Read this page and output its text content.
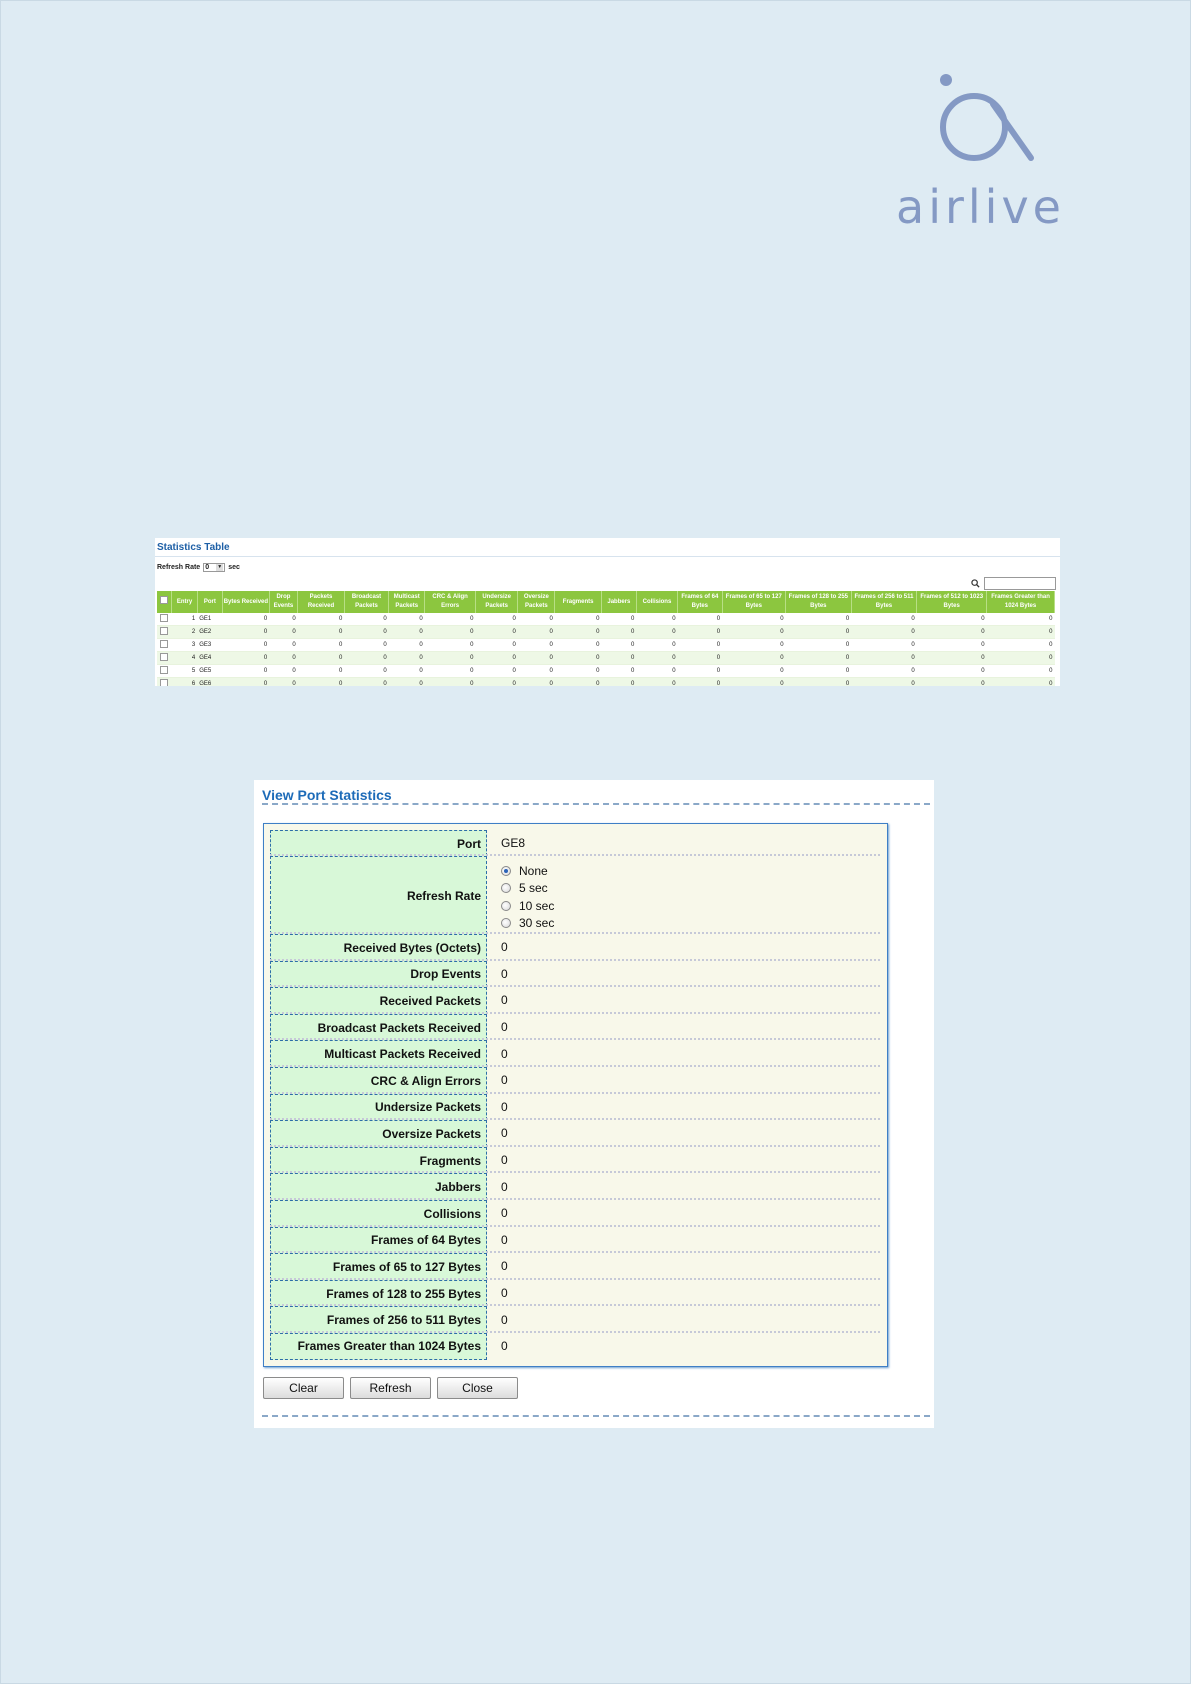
airlive
Statistics Table
Refresh Rate 0 ▼ sec
	Entry	Port	Bytes Received	Drop Events	Packets Received	Broadcast Packets	Multicast Packets	CRC & Align Errors	Undersize Packets	Oversize Packets	Fragments	Jabbers	Collisions	Frames of 64 Bytes	Frames of 65 to 127 Bytes	Frames of 128 to 255 Bytes	Frames of 256 to 511 Bytes	Frames of 512 to 1023 Bytes	Frames Greater than 1024 Bytes
	1	GE1	0	0	0	0	0	0	0	0	0	0	0	0	0	0	0	0	0
	2	GE2	0	0	0	0	0	0	0	0	0	0	0	0	0	0	0	0	0
	3	GE3	0	0	0	0	0	0	0	0	0	0	0	0	0	0	0	0	0
	4	GE4	0	0	0	0	0	0	0	0	0	0	0	0	0	0	0	0	0
	5	GE5	0	0	0	0	0	0	0	0	0	0	0	0	0	0	0	0	0
	6	GE6	0	0	0	0	0	0	0	0	0	0	0	0	0	0	0	0	0
View Port Statistics
Port	GE8
Refresh Rate
None
5 sec
10 sec
30 sec
Received Bytes (Octets)	0
Drop Events	0
Received Packets	0
Broadcast Packets Received	0
Multicast Packets Received	0
CRC & Align Errors	0
Undersize Packets	0
Oversize Packets	0
Fragments	0
Jabbers	0
Collisions	0
Frames of 64 Bytes	0
Frames of 65 to 127 Bytes	0
Frames of 128 to 255 Bytes	0
Frames of 256 to 511 Bytes	0
Frames Greater than 1024 Bytes	0
Clear	Refresh	Close
